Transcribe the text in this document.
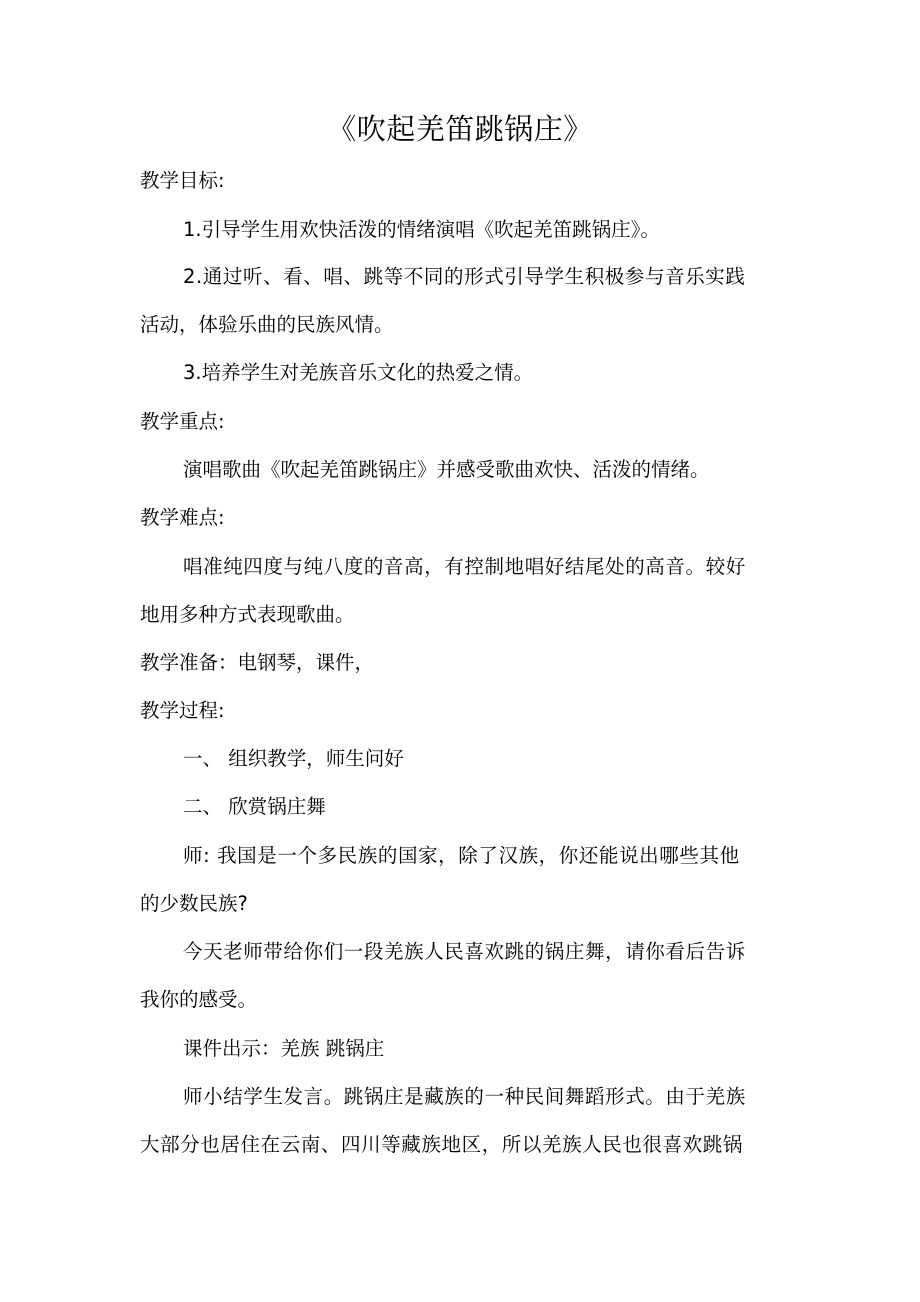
《吹起羌笛跳锅庄》
教学目标:
1.引导学生用欢快活泼的情绪演唱《吹起羌笛跳锅庄》。
2.通过听、看、唱、跳等不同的形式引导学生积极参与音乐实践
活动，体验乐曲的民族风情。
3.培养学生对羌族音乐文化的热爱之情。
教学重点:
演唱歌曲《吹起羌笛跳锅庄》并感受歌曲欢快、活泼的情绪。
教学难点:
唱准纯四度与纯八度的音高，有控制地唱好结尾处的高音。较好
地用多种方式表现歌曲。
教学准备：电钢琴，课件，
教学过程:
一、 组织教学，师生问好
二、 欣赏锅庄舞
师: 我国是一个多民族的国家，除了汉族，你还能说出哪些其他
的少数民族?
今天老师带给你们一段羌族人民喜欢跳的锅庄舞，请你看后告诉
我你的感受。
课件出示：羌族 跳锅庄
师小结学生发言。跳锅庄是藏族的一种民间舞蹈形式。由于羌族
大部分也居住在云南、四川等藏族地区，所以羌族人民也很喜欢跳锅
